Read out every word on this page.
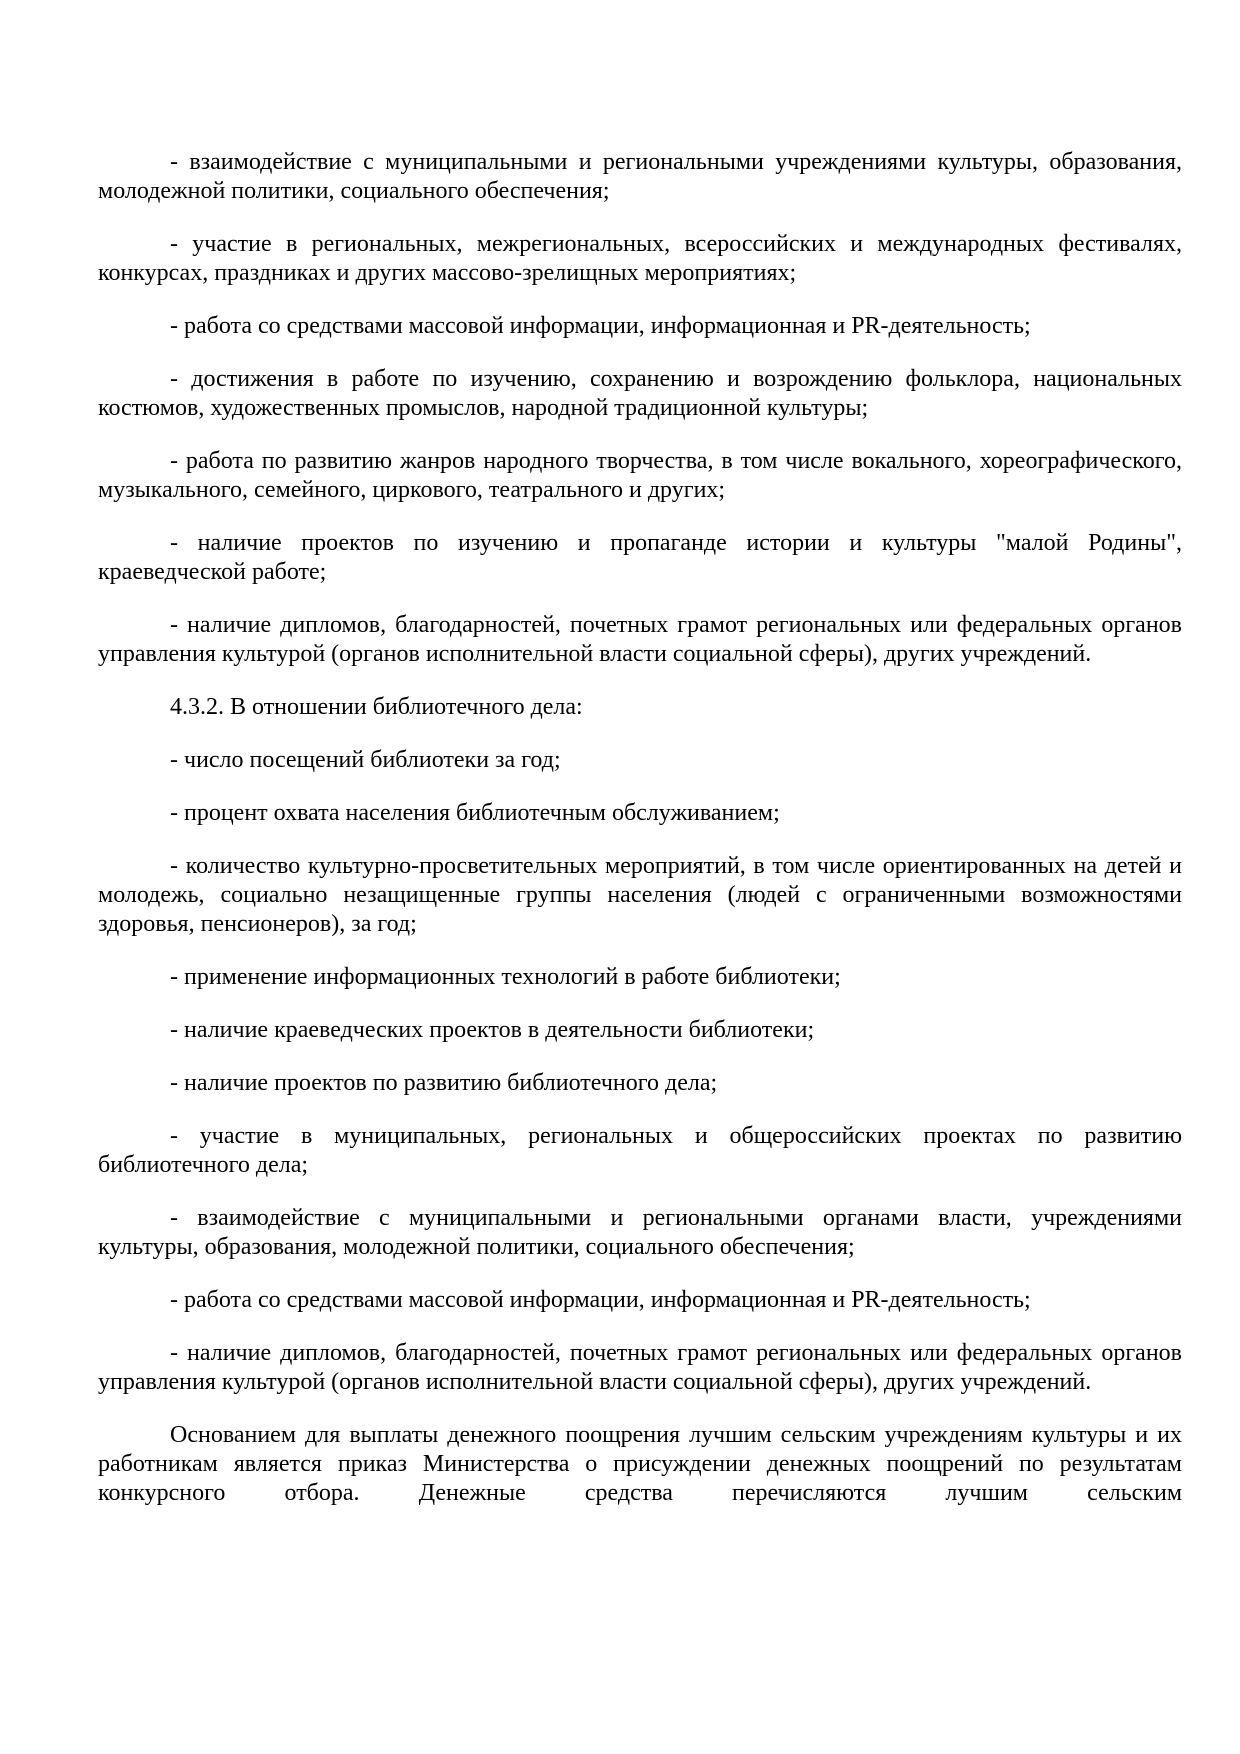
- взаимодействие с муниципальными и региональными учреждениями культуры, образования, молодежной политики, социального обеспечения;

- участие в региональных, межрегиональных, всероссийских и международных фестивалях, конкурсах, праздниках и других массово-зрелищных мероприятиях;

- работа со средствами массовой информации, информационная и PR-деятельность;

- достижения в работе по изучению, сохранению и возрождению фольклора, национальных костюмов, художественных промыслов, народной традиционной культуры;

- работа по развитию жанров народного творчества, в том числе вокального, хореографического, музыкального, семейного, циркового, театрального и других;

- наличие проектов по изучению и пропаганде истории и культуры "малой Родины", краеведческой работе;

- наличие дипломов, благодарностей, почетных грамот региональных или федеральных органов управления культурой (органов исполнительной власти социальной сферы), других учреждений.

4.3.2. В отношении библиотечного дела:

- число посещений библиотеки за год;

- процент охвата населения библиотечным обслуживанием;

- количество культурно-просветительных мероприятий, в том числе ориентированных на детей и молодежь, социально незащищенные группы населения (людей с ограниченными возможностями здоровья, пенсионеров), за год;

- применение информационных технологий в работе библиотеки;

- наличие краеведческих проектов в деятельности библиотеки;

- наличие проектов по развитию библиотечного дела;

- участие в муниципальных, региональных и общероссийских проектах по развитию библиотечного дела;

- взаимодействие с муниципальными и региональными органами власти, учреждениями культуры, образования, молодежной политики, социального обеспечения;

- работа со средствами массовой информации, информационная и PR-деятельность;

- наличие дипломов, благодарностей, почетных грамот региональных или федеральных органов управления культурой (органов исполнительной власти социальной сферы), других учреждений.

Основанием для выплаты денежного поощрения лучшим сельским учреждениям культуры и их работникам является приказ Министерства о присуждении денежных поощрений по результатам конкурсного отбора. Денежные средства перечисляются лучшим сельским
